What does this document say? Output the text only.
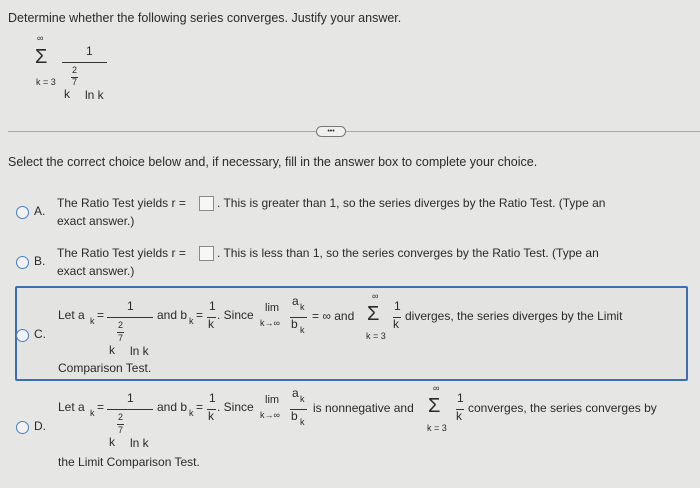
Determine whether the following series converges. Justify your answer.
∞
Σ
k = 3
1
2
k
7
ln k
•••
Select the correct choice below and, if necessary, fill in the answer box to complete your choice.
A.
The Ratio Test yields r =	. This is greater than 1, so the series diverges by the Ratio Test. (Type an
exact answer.)
B.
The Ratio Test yields r =	. This is less than 1, so the series converges by the Ratio Test. (Type an
exact answer.)
C.
Let a k =
1
2
k
7
ln k
and b k =
1
k
. Since lim
k→∞
a k
b k
= ∞ and
∞
Σ
k = 3
1
k
diverges, the series diverges by the Limit
Comparison Test.
D.
Let a k =
1
2
k
7
ln k
and b k =
1
k
. Since lim
k→∞
a k
b k
is nonnegative and
∞
Σ
k = 3
1
k
converges, the series converges by
the Limit Comparison Test.
